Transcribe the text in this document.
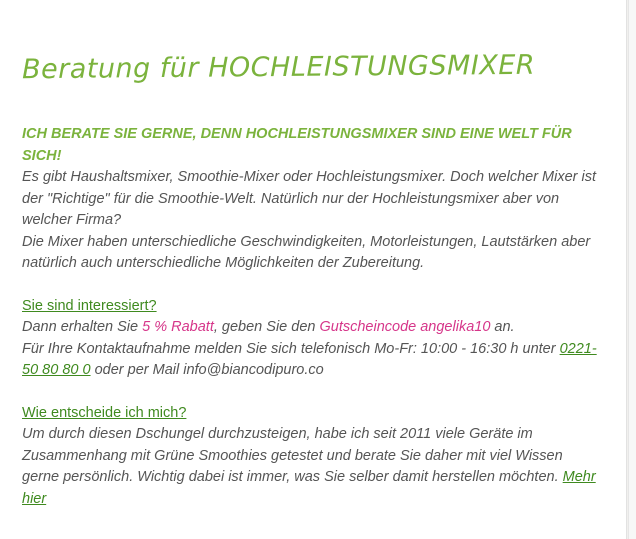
Beratung für HOCHLEISTUNGSMIXER

ICH BERATE SIE GERNE, DENN HOCHLEISTUNGSMIXER SIND EINE WELT FÜR SICH!

Es gibt Haushaltsmixer, Smoothie-Mixer oder Hochleistungsmixer. Doch welcher Mixer ist der "Richtige" für die Smoothie-Welt. Natürlich nur der Hochleistungsmixer aber von welcher Firma?

Die Mixer haben unterschiedliche Geschwindigkeiten, Motorleistungen, Lautstärken aber natürlich auch unterschiedliche Möglichkeiten der Zubereitung.

Sie sind interessiert?

Dann erhalten Sie 5 % Rabatt, geben Sie den Gutscheincode angelika10 an.

Für Ihre Kontaktaufnahme melden Sie sich telefonisch Mo-Fr: 10:00 - 16:30 h unter 0221-50 80 80 0 oder per Mail info@biancodipuro.co

Wie entscheide ich mich?

Um durch diesen Dschungel durchzusteigen, habe ich seit 2011 viele Geräte im Zusammenhang mit Grüne Smoothies getestet und berate Sie daher mit viel Wissen gerne persönlich. Wichtig dabei ist immer, was Sie selber damit herstellen möchten. Mehr hier
